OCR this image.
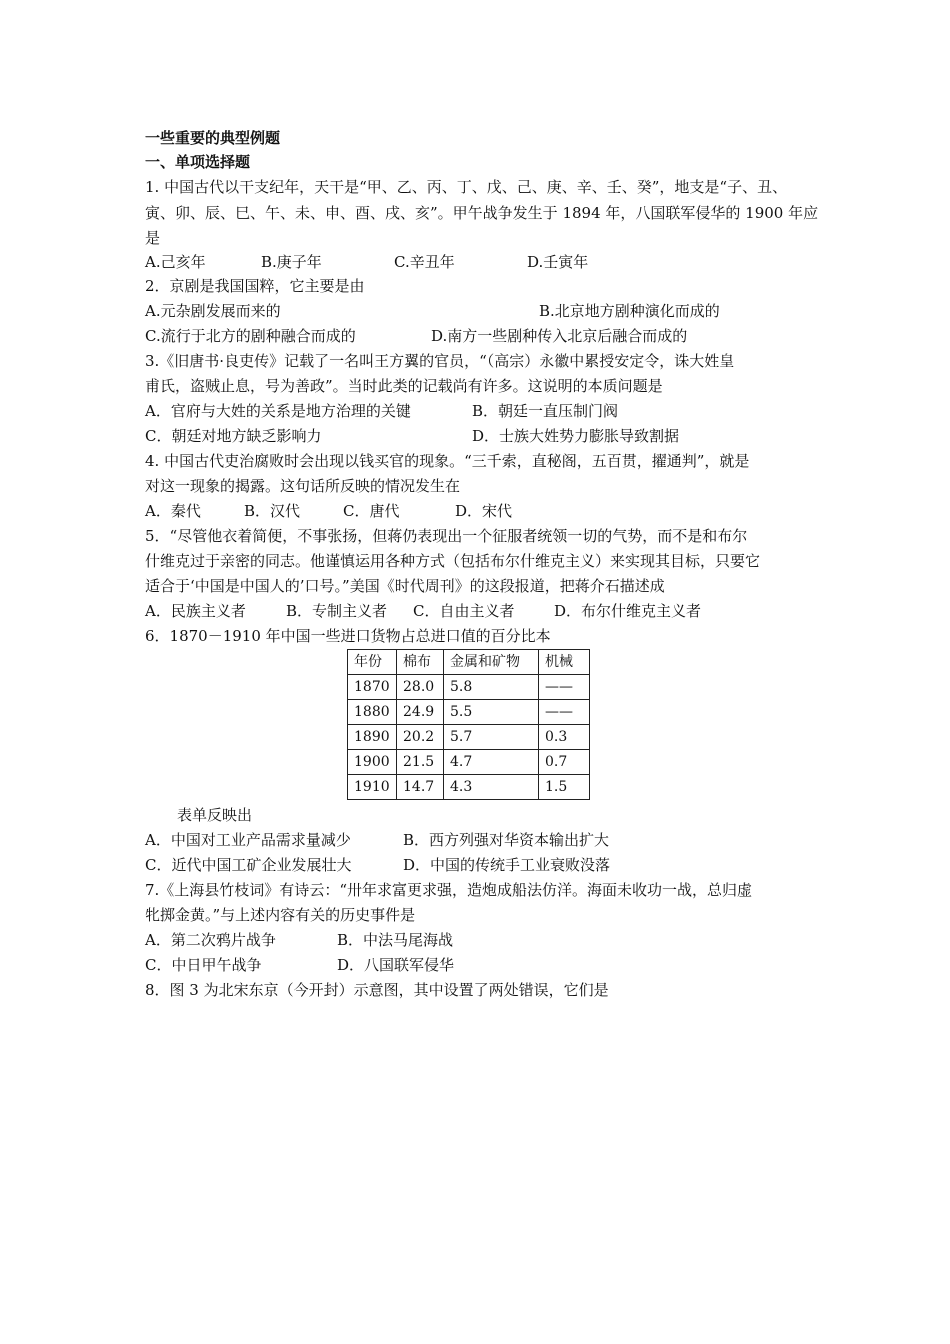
一些重要的典型例题
一、单项选择题
1. 中国古代以干支纪年，天干是“甲、乙、丙、丁、戊、己、庚、辛、壬、癸”，地支是“子、丑、
寅、卯、辰、巳、午、未、申、酉、戌、亥”。甲午战争发生于 1894 年，八国联军侵华的 1900 年应
是
A.己亥年	B.庚子年	C.辛丑年	D.壬寅年
2．京剧是我国国粹，它主要是由
A.元杂剧发展而来的	B.北京地方剧种演化而成的
C.流行于北方的剧种融合而成的	D.南方一些剧种传入北京后融合而成的
3.《旧唐书·良吏传》记载了一名叫王方翼的官员，“（高宗）永徽中累授安定令，诛大姓皇
甫氏，盗贼止息，号为善政”。当时此类的记载尚有许多。这说明的本质问题是
A．官府与大姓的关系是地方治理的关键	B．朝廷一直压制门阀
C．朝廷对地方缺乏影响力	D．士族大姓势力膨胀导致割据
4. 中国古代吏治腐败时会出现以钱买官的现象。“三千索，直秘阁，五百贯，擢通判”，就是
对这一现象的揭露。这句话所反映的情况发生在
A．秦代	B．汉代	C．唐代	D．宋代
5．“尽管他衣着简便，不事张扬，但蒋仍表现出一个征服者统领一切的气势，而不是和布尔
什维克过于亲密的同志。他谨慎运用各种方式（包括布尔什维克主义）来实现其目标，只要它
适合于‘中国是中国人的’口号。”美国《时代周刊》的这段报道，把蒋介石描述成
A．民族主义者	B．专制主义者 C．自由主义者	D．布尔什维克主义者
6．1870－1910 年中国一些进口货物占总进口值的百分比本
年份	棉布	金属和矿物	机械
1870	28.0	5.8	——
1880	24.9	5.5	——
1890	20.2	5.7	0.3
1900	21.5	4.7	0.7
1910	14.7	4.3	1.5
表单反映出
A．中国对工业产品需求量减少	B．西方列强对华资本输出扩大
C．近代中国工矿企业发展壮大	D．中国的传统手工业衰败没落
7.《上海县竹枝词》有诗云：“卅年求富更求强，造炮成船法仿洋。海面未收功一战，总归虚
牝掷金黄。”与上述内容有关的历史事件是
A．第二次鸦片战争	B．中法马尾海战
C．中日甲午战争	D．八国联军侵华
8．图 3 为北宋东京（今开封）示意图，其中设置了两处错误，它们是
